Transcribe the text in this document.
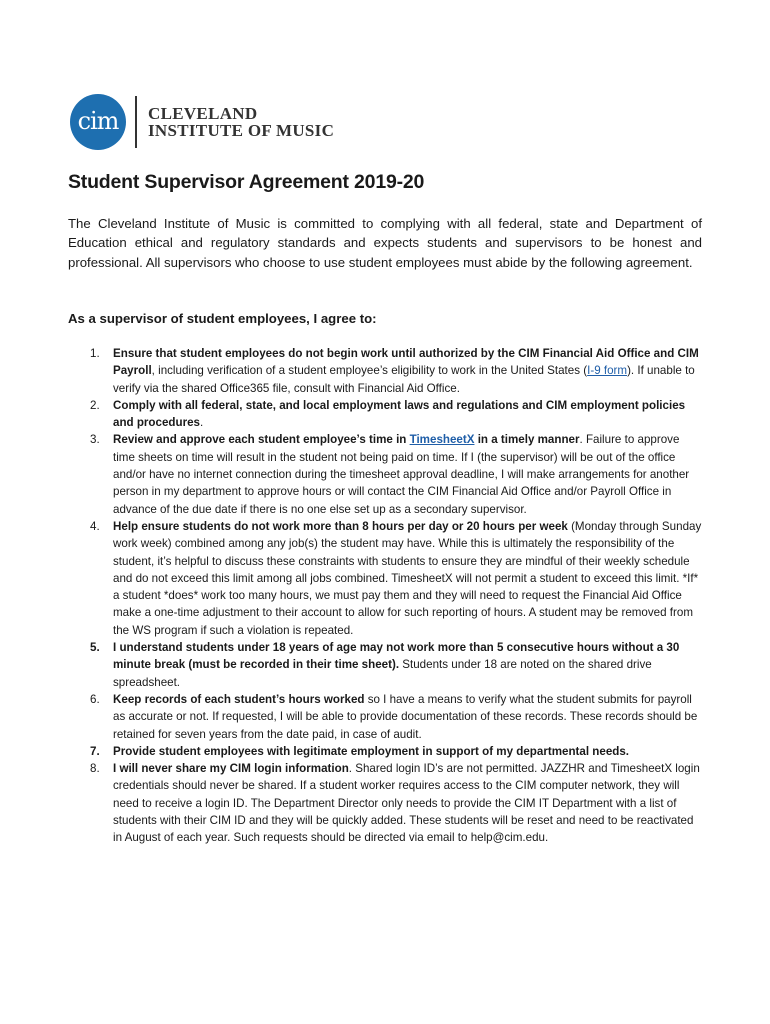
cim CLEVELAND
INSTITUTE OF MUSIC
Student Supervisor Agreement 2019-20

The Cleveland Institute of Music is committed to complying with all federal, state and Department of Education ethical and regulatory standards and expects students and supervisors to be honest and professional. All supervisors who choose to use student employees must abide by the following agreement.

As a supervisor of student employees, I agree to:

1. Ensure that student employees do not begin work until authorized by the CIM Financial Aid Office and CIM Payroll, including verification of a student employee’s eligibility to work in the United States (I-9 form). If unable to verify via the shared Office365 file, consult with Financial Aid Office.
2. Comply with all federal, state, and local employment laws and regulations and CIM employment policies and procedures.
3. Review and approve each student employee’s time in TimesheetX in a timely manner. Failure to approve time sheets on time will result in the student not being paid on time. If I (the supervisor) will be out of the office and/or have no internet connection during the timesheet approval deadline, I will make arrangements for another person in my department to approve hours or will contact the CIM Financial Aid Office and/or Payroll Office in advance of the due date if there is no one else set up as a secondary supervisor.
4. Help ensure students do not work more than 8 hours per day or 20 hours per week (Monday through Sunday work week) combined among any job(s) the student may have. While this is ultimately the responsibility of the student, it’s helpful to discuss these constraints with students to ensure they are mindful of their weekly schedule and do not exceed this limit among all jobs combined. TimesheetX will not permit a student to exceed this limit. *If* a student *does* work too many hours, we must pay them and they will need to request the Financial Aid Office make a one-time adjustment to their account to allow for such reporting of hours. A student may be removed from the WS program if such a violation is repeated.
5. I understand students under 18 years of age may not work more than 5 consecutive hours without a 30 minute break (must be recorded in their time sheet). Students under 18 are noted on the shared drive spreadsheet.
6. Keep records of each student’s hours worked so I have a means to verify what the student submits for payroll as accurate or not. If requested, I will be able to provide documentation of these records. These records should be retained for seven years from the date paid, in case of audit.
7. Provide student employees with legitimate employment in support of my departmental needs.
8. I will never share my CIM login information. Shared login ID’s are not permitted. JAZZHR and TimesheetX login credentials should never be shared. If a student worker requires access to the CIM computer network, they will need to receive a login ID. The Department Director only needs to provide the CIM IT Department with a list of students with their CIM ID and they will be quickly added. These students will be reset and need to be reactivated in August of each year. Such requests should be directed via email to help@cim.edu.
